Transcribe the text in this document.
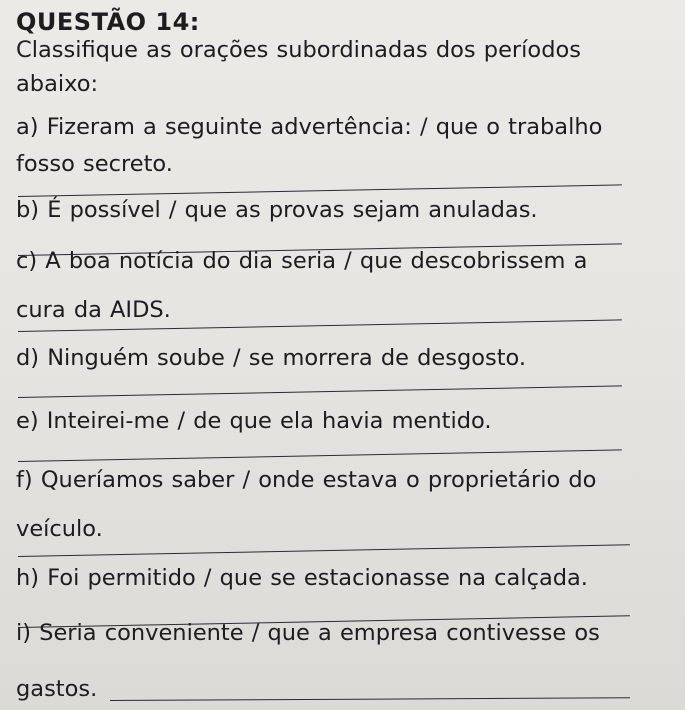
QUESTÃO 14:
Classifique as orações subordinadas dos períodos
abaixo:
a) Fizeram a seguinte advertência: / que o trabalho
fosso secreto.
b) É possível / que as provas sejam anuladas.
c) A boa notícia do dia seria / que descobrissem a
cura da AIDS.
d) Ninguém soube / se morrera de desgosto.
e) Inteirei-me / de que ela havia mentido.
f) Queríamos saber / onde estava o proprietário do
veículo.
h) Foi permitido / que se estacionasse na calçada.
i) Seria conveniente / que a empresa contivesse os
gastos.
